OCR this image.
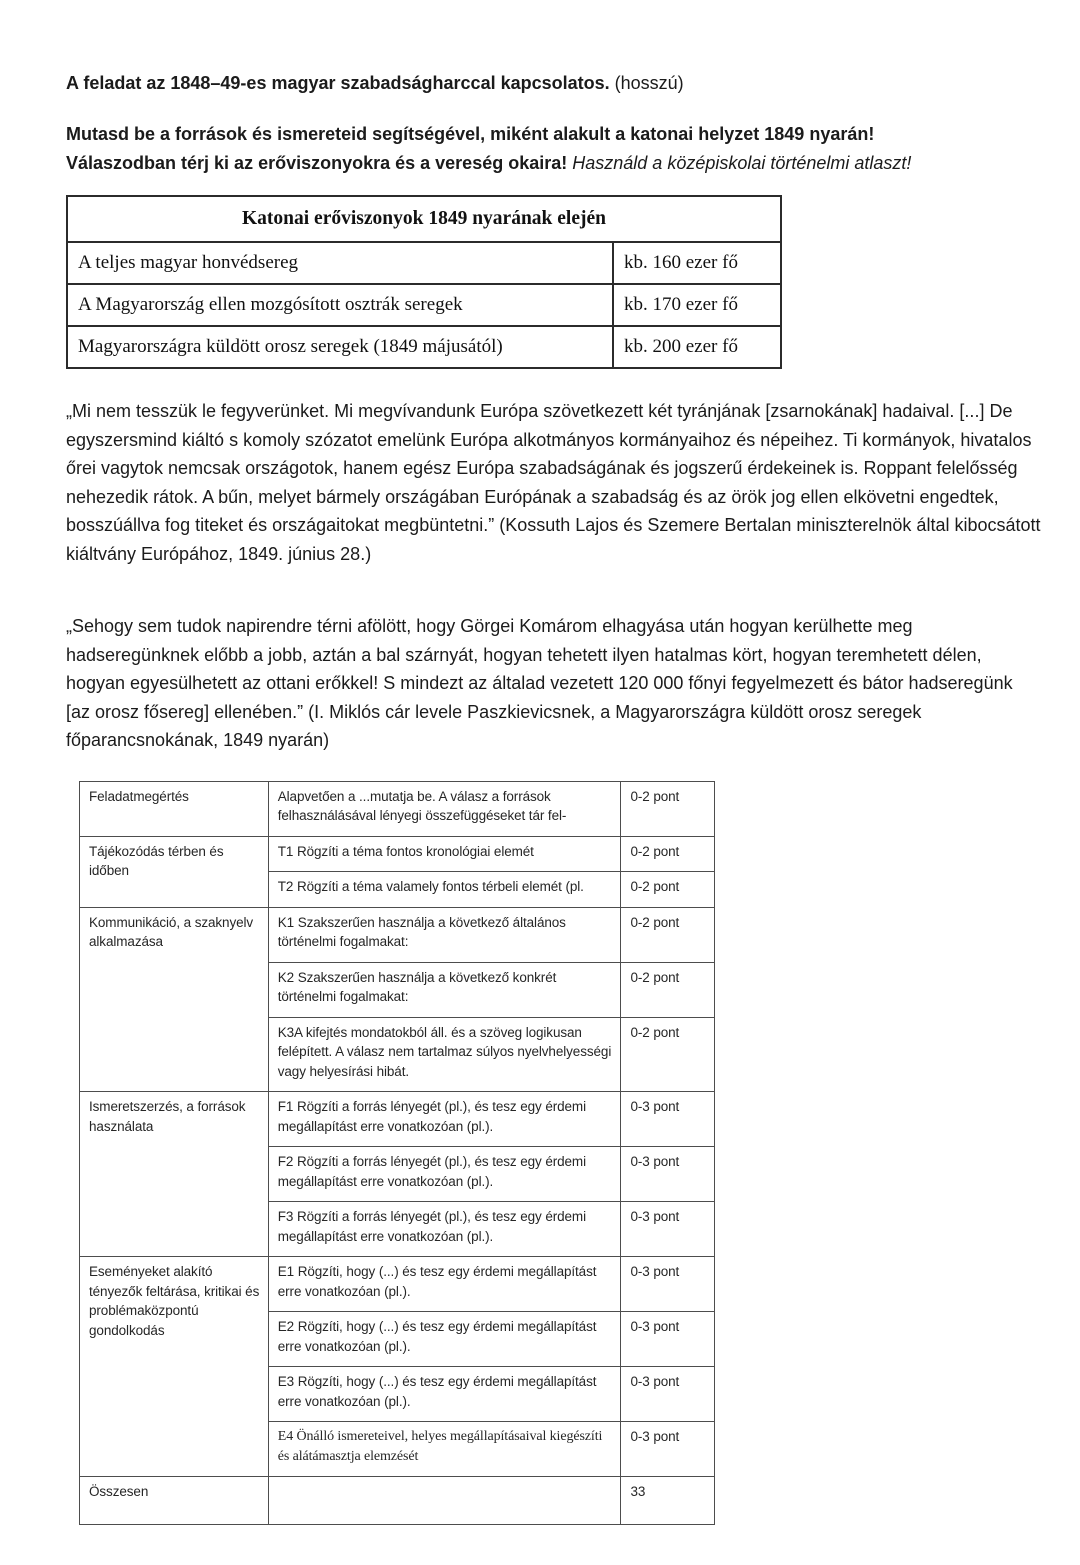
A feladat az 1848–49-es magyar szabadságharccal kapcsolatos. (hosszú)

Mutasd be a források és ismereteid segítségével, miként alakult a katonai helyzet 1849 nyarán!
Válaszodban térj ki az erőviszonyokra és a vereség okaira! Használd a középiskolai történelmi atlaszt!

Katonai erőviszonyok 1849 nyarának elején	
A teljes magyar honvédsereg	kb. 160 ezer fő
A Magyarország ellen mozgósított osztrák seregek	kb. 170 ezer fő
Magyarországra küldött orosz seregek (1849 májusától)	kb. 200 ezer fő

„Mi nem tesszük le fegyverünket. Mi megvívandunk Európa szövetkezett két tyránjának [zsarnokának] hadaival. [...] De egyszersmind kiáltó s komoly szózatot emelünk Európa alkotmányos kormányaihoz és népeihez. Ti kormányok, hivatalos őrei vagytok nemcsak országotok, hanem egész Európa szabadságának és jogszerű érdekeinek is. Roppant felelősség nehezedik rátok. A bűn, melyet bármely országában Európának a szabadság és az örök jog ellen elkövetni engedtek, bosszúállva fog titeket és országaitokat megbüntetni.” (Kossuth Lajos és Szemere Bertalan miniszterelnök által kibocsátott kiáltvány Európához, 1849. június 28.)

„Sehogy sem tudok napirendre térni afölött, hogy Görgei Komárom elhagyása után hogyan kerülhette meg hadseregünknek előbb a jobb, aztán a bal szárnyát, hogyan tehetett ilyen hatalmas kört, hogyan teremhetett délen, hogyan egyesülhetett az ottani erőkkel! S mindezt az általad vezetett 120 000 főnyi fegyelmezett és bátor hadseregünk [az orosz fősereg] ellenében.” (I. Miklós cár levele Paszkievicsnek, a Magyarországra küldött orosz seregek főparancsnokának, 1849 nyarán)

Feladatmegértés	Alapvetően a ...mutatja be. A válasz a források felhasználásával lényegi összefüggéseket tár fel-	0-2 pont
Tájékozódás térben és időben	T1 Rögzíti a téma fontos kronológiai elemét	0-2 pont
	T2 Rögzíti a téma valamely fontos térbeli elemét (pl.	0-2 pont
Kommunikáció, a szaknyelv alkalmazása	K1 Szakszerűen használja a következő általános történelmi fogalmakat:	0-2 pont
	K2 Szakszerűen használja a következő konkrét történelmi fogalmakat:	0-2 pont
	K3A kifejtés mondatokból áll. és a szöveg logikusan felépített. A válasz nem tartalmaz súlyos nyelvhelyességi vagy helyesírási hibát.	0-2 pont
Ismeretszerzés, a források használata	F1 Rögzíti a forrás lényegét (pl.), és tesz egy érdemi megállapítást erre vonatkozóan (pl.).	0-3 pont
	F2 Rögzíti a forrás lényegét (pl.), és tesz egy érdemi megállapítást erre vonatkozóan (pl.).	0-3 pont
	F3 Rögzíti a forrás lényegét (pl.), és tesz egy érdemi megállapítást erre vonatkozóan (pl.).	0-3 pont
Eseményeket alakító tényezők feltárása, kritikai és problémaközpontú gondolkodás	E1 Rögzíti, hogy (...) és tesz egy érdemi megállapítást erre vonatkozóan (pl.).	0-3 pont
	E2 Rögzíti, hogy (...) és tesz egy érdemi megállapítást erre vonatkozóan (pl.).	0-3 pont
	E3 Rögzíti, hogy (...) és tesz egy érdemi megállapítást erre vonatkozóan (pl.).	0-3 pont
	E4 Önálló ismereteivel, helyes megállapításaival kiegészíti és alátámasztja elemzését	0-3 pont
Összesen		33
